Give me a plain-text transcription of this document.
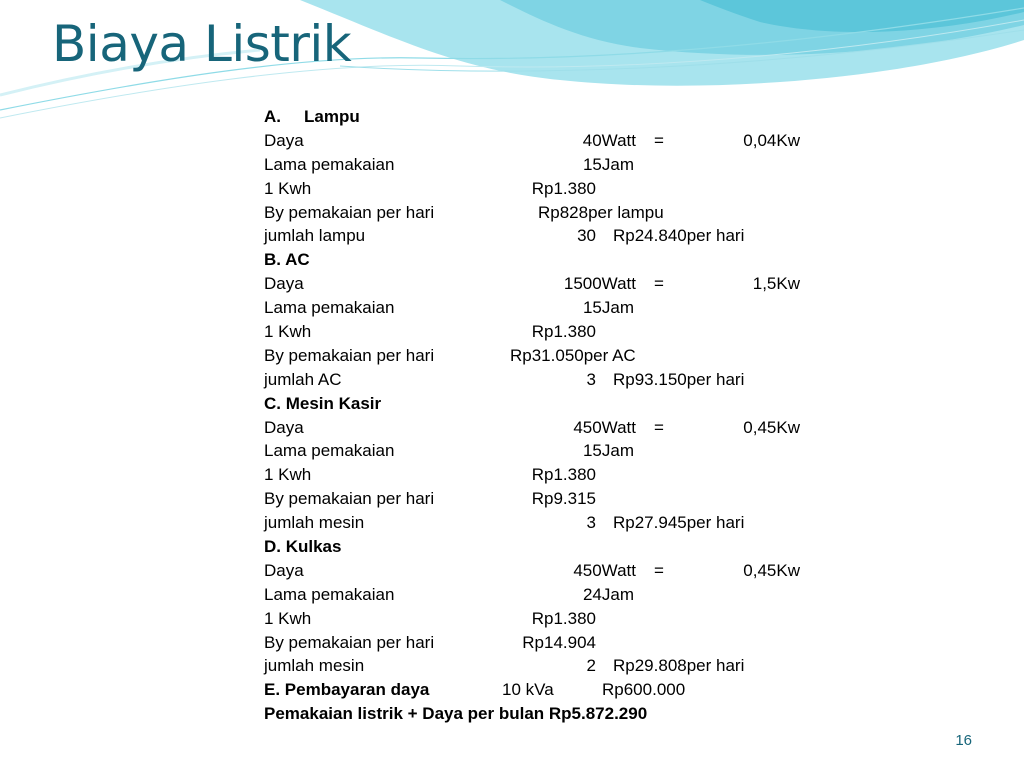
Biaya Listrik
A. Lampu
Daya	40Watt =	0,04Kw
Lama pemakaian	15Jam
1 Kwh	Rp1.380
By pemakaian per hari	Rp828per lampu
jumlah lampu	30 Rp24.840per hari
B. AC
Daya	1500Watt =	1,5Kw
Lama pemakaian	15Jam
1 Kwh	Rp1.380
By pemakaian per hari	Rp31.050per AC
jumlah AC	3 Rp93.150per hari
C. Mesin Kasir
Daya	450Watt =	0,45Kw
Lama pemakaian	15Jam
1 Kwh	Rp1.380
By pemakaian per hari	Rp9.315
jumlah mesin	3 Rp27.945per hari
D. Kulkas
Daya	450Watt =	0,45Kw
Lama pemakaian	24Jam
1 Kwh	Rp1.380
By pemakaian per hari	Rp14.904
jumlah mesin	2 Rp29.808per hari
E. Pembayaran daya	10 kVa	Rp600.000
Pemakaian listrik + Daya per bulan Rp5.872.290
16
